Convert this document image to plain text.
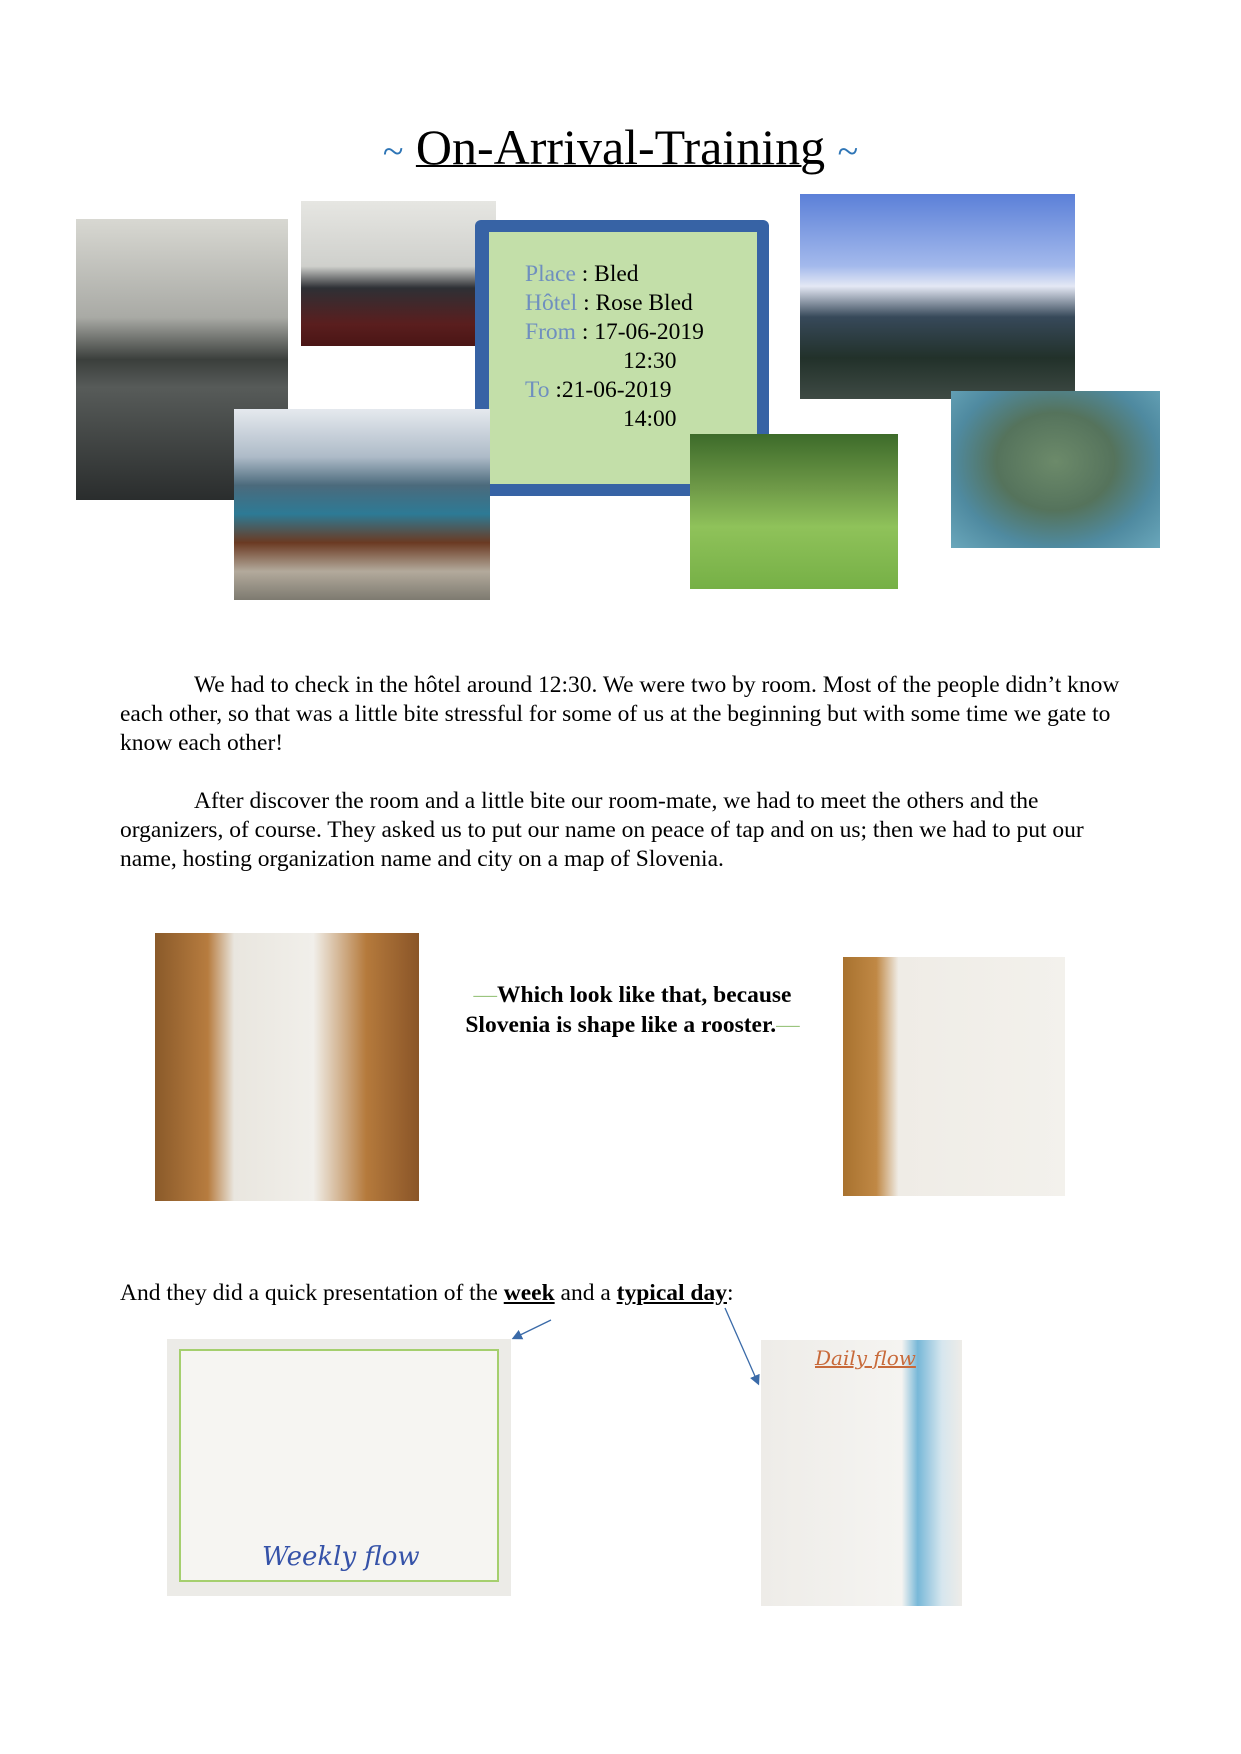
~ On-Arrival-Training ~
Place : Bled
Hôtel : Rose Bled
From : 17-06-2019
12:30
To :21-06-2019
14:00

We had to check in the hôtel around 12:30. We were two by room. Most of the people didn’t know each other, so that was a little bite stressful for some of us at the beginning but with some time we gate to know each other!

After discover the room and a little bite our room-mate, we had to meet the others and the organizers, of course. They asked us to put our name on peace of tap and on us; then we had to put our name, hosting organization name and city on a map of Slovenia.

—Which look like that, because Slovenia is shape like a rooster.—
And they did a quick presentation of the week and a typical day:
Weekly flow
Daily flow
